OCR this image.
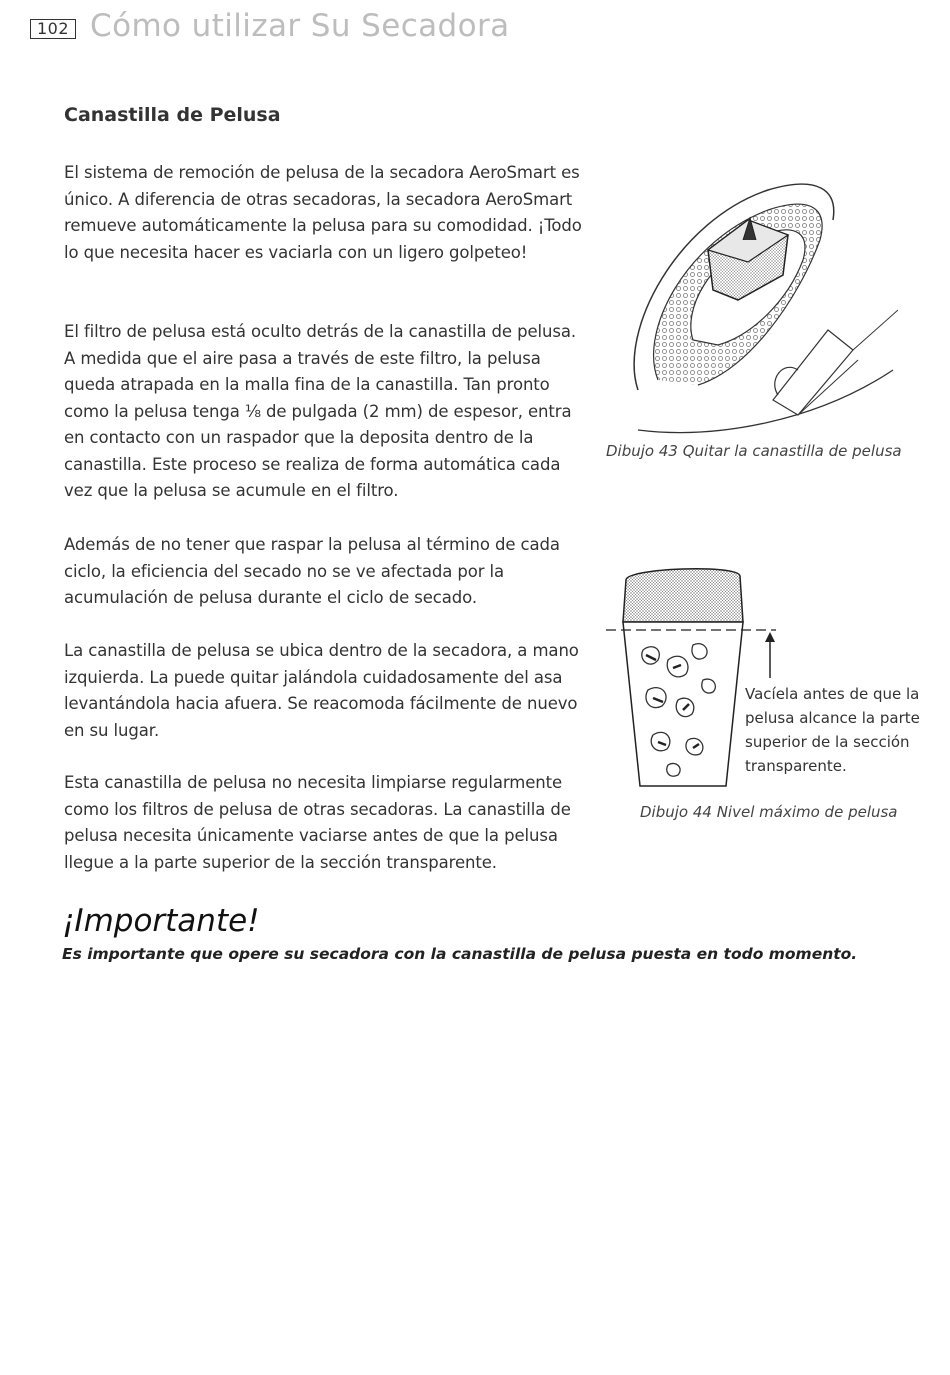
102 Cómo utilizar Su Secadora
Canastilla de Pelusa

El sistema de remoción de pelusa de la secadora AeroSmart es único. A diferencia de otras secadoras, la secadora AeroSmart remueve automáticamente la pelusa para su comodidad. ¡Todo lo que necesita hacer es vaciarla con un ligero golpeteo!

El filtro de pelusa está oculto detrás de la canastilla de pelusa. A medida que el aire pasa a través de este filtro, la pelusa queda atrapada en la malla fina de la canastilla. Tan pronto como la pelusa tenga ⅛ de pulgada (2 mm) de espesor, entra en contacto con un raspador que la deposita dentro de la canastilla. Este proceso se realiza de forma automática cada vez que la pelusa se acumule en el filtro.

Además de no tener que raspar la pelusa al término de cada ciclo, la eficiencia del secado no se ve afectada por la acumulación de pelusa durante el ciclo de secado.

La canastilla de pelusa se ubica dentro de la secadora, a mano izquierda. La puede quitar jalándola cuidadosamente del asa levantándola hacia afuera. Se reacomoda fácilmente de nuevo en su lugar.

Esta canastilla de pelusa no necesita limpiarse regularmente como los filtros de pelusa de otras secadoras. La canastilla de pelusa necesita únicamente vaciarse antes de que la pelusa llegue a la parte superior de la sección transparente.

Dibujo 43 Quitar la canastilla de pelusa

Vacíela antes de que la pelusa alcance la parte superior de la sección transparente.

Dibujo 44 Nivel máximo de pelusa

¡Importante!

Es importante que opere su secadora con la canastilla de pelusa puesta en todo momento.
